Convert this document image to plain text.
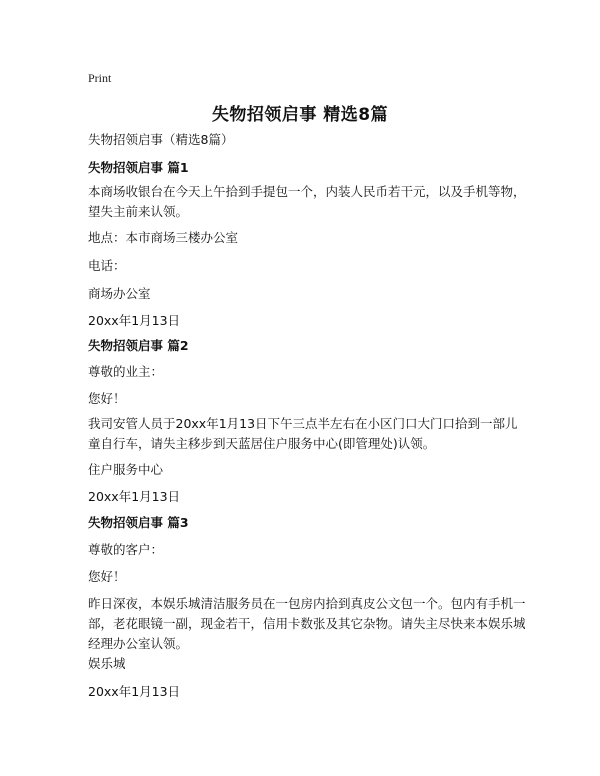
Print
失物招领启事 精选8篇
失物招领启事（精选8篇）
失物招领启事 篇1
本商场收银台在今天上午拾到手提包一个，内装人民币若干元，以及手机等物，望失主前来认领。
地点：本市商场三楼办公室
电话：
商场办公室
20xx年1月13日
失物招领启事 篇2
尊敬的业主：
您好！
我司安管人员于20xx年1月13日下午三点半左右在小区门口大门口拾到一部儿童自行车，请失主移步到天蓝居住户服务中心(即管理处)认领。
住户服务中心
20xx年1月13日
失物招领启事 篇3
尊敬的客户：
您好！
昨日深夜，本娱乐城清洁服务员在一包房内拾到真皮公文包一个。包内有手机一部，老花眼镜一副，现金若干，信用卡数张及其它杂物。请失主尽快来本娱乐城经理办公室认领。
娱乐城
20xx年1月13日
